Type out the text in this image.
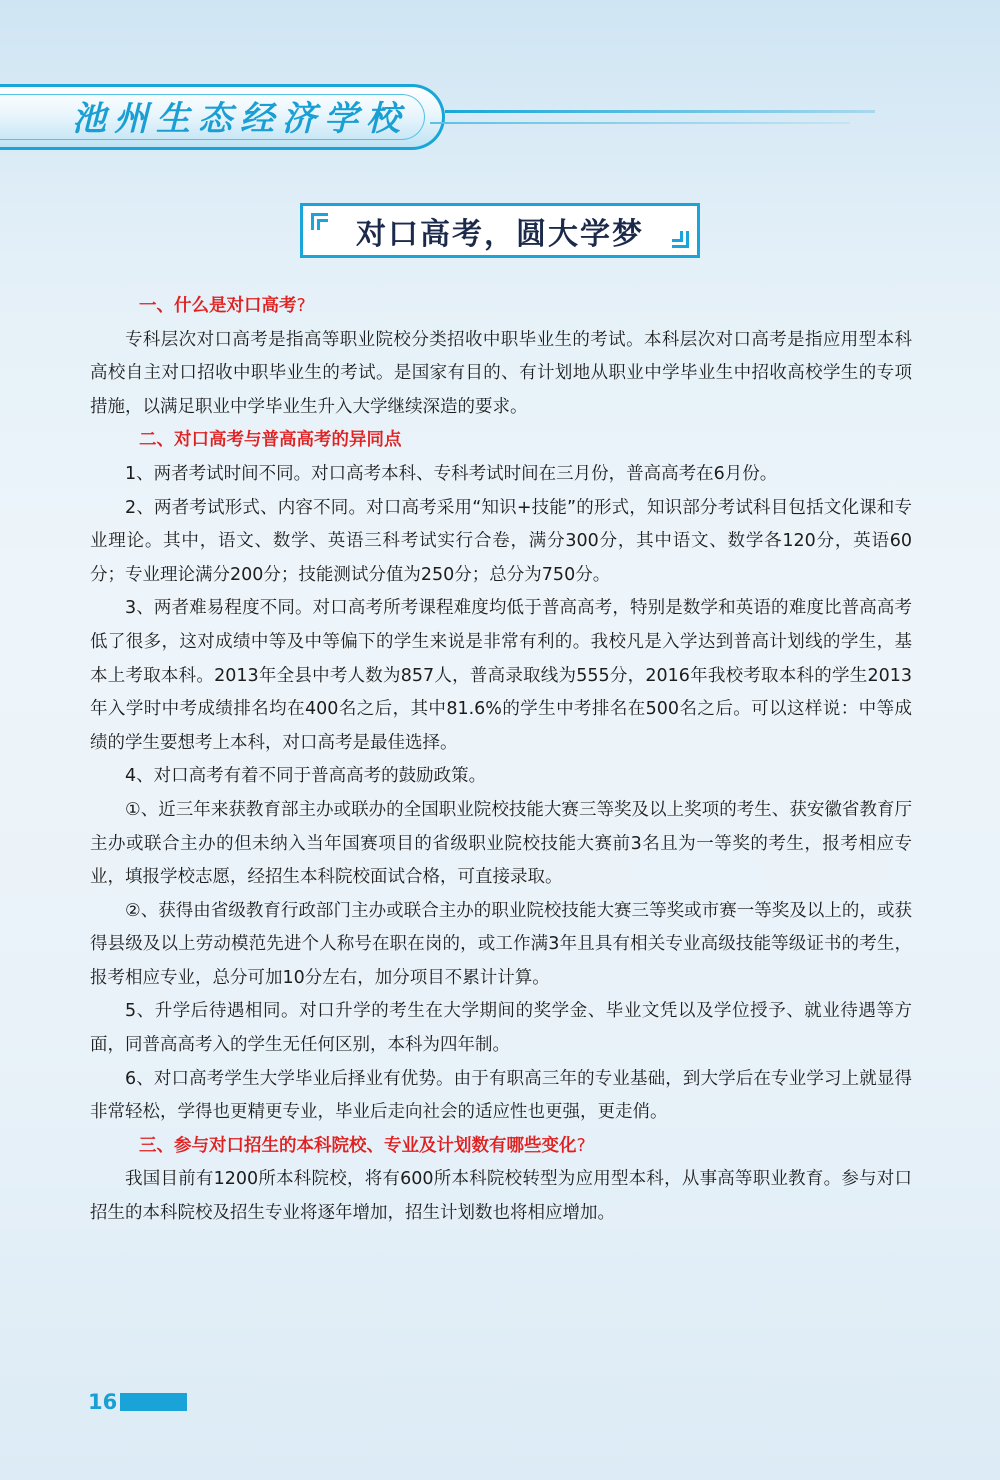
池州生态经济学校
对口高考，圆大学梦

一、什么是对口高考?

专科层次对口高考是指高等职业院校分类招收中职毕业生的考试。本科层次对口高考是指应用型本科高校自主对口招收中职毕业生的考试。是国家有目的、有计划地从职业中学毕业生中招收高校学生的专项措施，以满足职业中学毕业生升入大学继续深造的要求。

二、对口高考与普高高考的异同点

1、两者考试时间不同。对口高考本科、专科考试时间在三月份，普高高考在6月份。

2、两者考试形式、内容不同。对口高考采用“知识+技能”的形式，知识部分考试科目包括文化课和专业理论。其中，语文、数学、英语三科考试实行合卷，满分300分，其中语文、数学各120分，英语60分；专业理论满分200分；技能测试分值为250分；总分为750分。

3、两者难易程度不同。对口高考所考课程难度均低于普高高考，特别是数学和英语的难度比普高高考低了很多，这对成绩中等及中等偏下的学生来说是非常有利的。我校凡是入学达到普高计划线的学生，基本上考取本科。2013年全县中考人数为857人，普高录取线为555分，2016年我校考取本科的学生2013年入学时中考成绩排名均在400名之后，其中81.6%的学生中考排名在500名之后。可以这样说：中等成绩的学生要想考上本科，对口高考是最佳选择。

4、对口高考有着不同于普高高考的鼓励政策。

①、近三年来获教育部主办或联办的全国职业院校技能大赛三等奖及以上奖项的考生、获安徽省教育厅主办或联合主办的但未纳入当年国赛项目的省级职业院校技能大赛前3名且为一等奖的考生，报考相应专业，填报学校志愿，经招生本科院校面试合格，可直接录取。

②、获得由省级教育行政部门主办或联合主办的职业院校技能大赛三等奖或市赛一等奖及以上的，或获得县级及以上劳动模范先进个人称号在职在岗的，或工作满3年且具有相关专业高级技能等级证书的考生，报考相应专业，总分可加10分左右，加分项目不累计计算。

5、升学后待遇相同。对口升学的考生在大学期间的奖学金、毕业文凭以及学位授予、就业待遇等方面，同普高高考入的学生无任何区别，本科为四年制。

6、对口高考学生大学毕业后择业有优势。由于有职高三年的专业基础，到大学后在专业学习上就显得非常轻松，学得也更精更专业，毕业后走向社会的适应性也更强，更走俏。

三、参与对口招生的本科院校、专业及计划数有哪些变化?

我国目前有1200所本科院校，将有600所本科院校转型为应用型本科，从事高等职业教育。参与对口招生的本科院校及招生专业将逐年增加，招生计划数也将相应增加。

16
